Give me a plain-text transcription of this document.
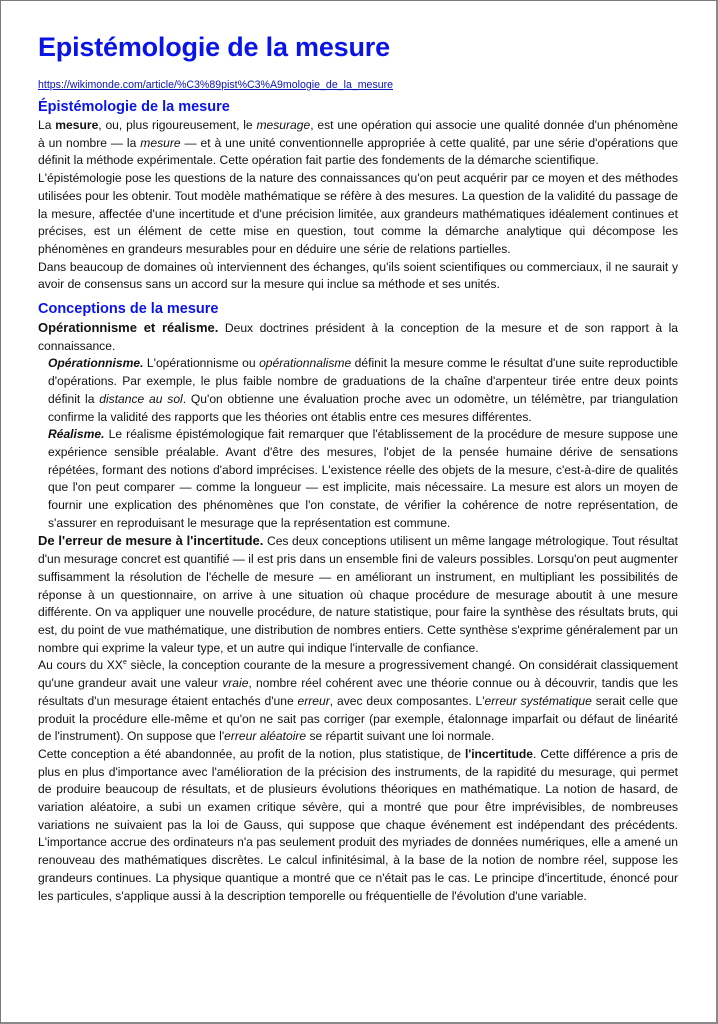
Epistémologie de la mesure
https://wikimonde.com/article/%C3%89pist%C3%A9mologie_de_la_mesure
Épistémologie de la mesure

La mesure, ou, plus rigoureusement, le mesurage, est une opération qui associe une qualité donnée d'un phénomène à un nombre — la mesure — et à une unité conventionnelle appropriée à cette qualité, par une série d'opérations que définit la méthode expérimentale. Cette opération fait partie des fondements de la démarche scientifique.

L'épistémologie pose les questions de la nature des connaissances qu'on peut acquérir par ce moyen et des méthodes utilisées pour les obtenir. Tout modèle mathématique se réfère à des mesures. La question de la validité du passage de la mesure, affectée d'une incertitude et d'une précision limitée, aux grandeurs mathématiques idéalement continues et précises, est un élément de cette mise en question, tout comme la démarche analytique qui décompose les phénomènes en grandeurs mesurables pour en déduire une série de relations partielles.

Dans beaucoup de domaines où interviennent des échanges, qu'ils soient scientifiques ou commerciaux, il ne saurait y avoir de consensus sans un accord sur la mesure qui inclue sa méthode et ses unités.

Conceptions de la mesure

Opérationnisme et réalisme. Deux doctrines président à la conception de la mesure et de son rapport à la connaissance.

Opérationnisme. L'opérationnisme ou opérationnalisme définit la mesure comme le résultat d'une suite reproductible d'opérations. Par exemple, le plus faible nombre de graduations de la chaîne d'arpenteur tirée entre deux points définit la distance au sol. Qu'on obtienne une évaluation proche avec un odomètre, un télémètre, par triangulation confirme la validité des rapports que les théories ont établis entre ces mesures différentes.

Réalisme. Le réalisme épistémologique fait remarquer que l'établissement de la procédure de mesure suppose une expérience sensible préalable. Avant d'être des mesures, l'objet de la pensée humaine dérive de sensations répétées, formant des notions d'abord imprécises. L'existence réelle des objets de la mesure, c'est-à-dire de qualités que l'on peut comparer — comme la longueur — est implicite, mais nécessaire. La mesure est alors un moyen de fournir une explication des phénomènes que l'on constate, de vérifier la cohérence de notre représentation, de s'assurer en reproduisant le mesurage que la représentation est commune.

De l'erreur de mesure à l'incertitude. Ces deux conceptions utilisent un même langage métrologique. Tout résultat d'un mesurage concret est quantifié — il est pris dans un ensemble fini de valeurs possibles. Lorsqu'on peut augmenter suffisamment la résolution de l'échelle de mesure — en améliorant un instrument, en multipliant les possibilités de réponse à un questionnaire, on arrive à une situation où chaque procédure de mesurage aboutit à une mesure différente. On va appliquer une nouvelle procédure, de nature statistique, pour faire la synthèse des résultats bruts, qui est, du point de vue mathématique, une distribution de nombres entiers. Cette synthèse s'exprime généralement par un nombre qui exprime la valeur type, et un autre qui indique l'intervalle de confiance.

Au cours du XXe siècle, la conception courante de la mesure a progressivement changé. On considérait classiquement qu'une grandeur avait une valeur vraie, nombre réel cohérent avec une théorie connue ou à découvrir, tandis que les résultats d'un mesurage étaient entachés d'une erreur, avec deux composantes. L'erreur systématique serait celle que produit la procédure elle-même et qu'on ne sait pas corriger (par exemple, étalonnage imparfait ou défaut de linéarité de l'instrument). On suppose que l'erreur aléatoire se répartit suivant une loi normale.

Cette conception a été abandonnée, au profit de la notion, plus statistique, de l'incertitude. Cette différence a pris de plus en plus d'importance avec l'amélioration de la précision des instruments, de la rapidité du mesurage, qui permet de produire beaucoup de résultats, et de plusieurs évolutions théoriques en mathématique. La notion de hasard, de variation aléatoire, a subi un examen critique sévère, qui a montré que pour être imprévisibles, de nombreuses variations ne suivaient pas la loi de Gauss, qui suppose que chaque événement est indépendant des précédents. L'importance accrue des ordinateurs n'a pas seulement produit des myriades de données numériques, elle a amené un renouveau des mathématiques discrètes. Le calcul infinitésimal, à la base de la notion de nombre réel, suppose les grandeurs continues. La physique quantique a montré que ce n'était pas le cas. Le principe d'incertitude, énoncé pour les particules, s'applique aussi à la description temporelle ou fréquentielle de l'évolution d'une variable.
